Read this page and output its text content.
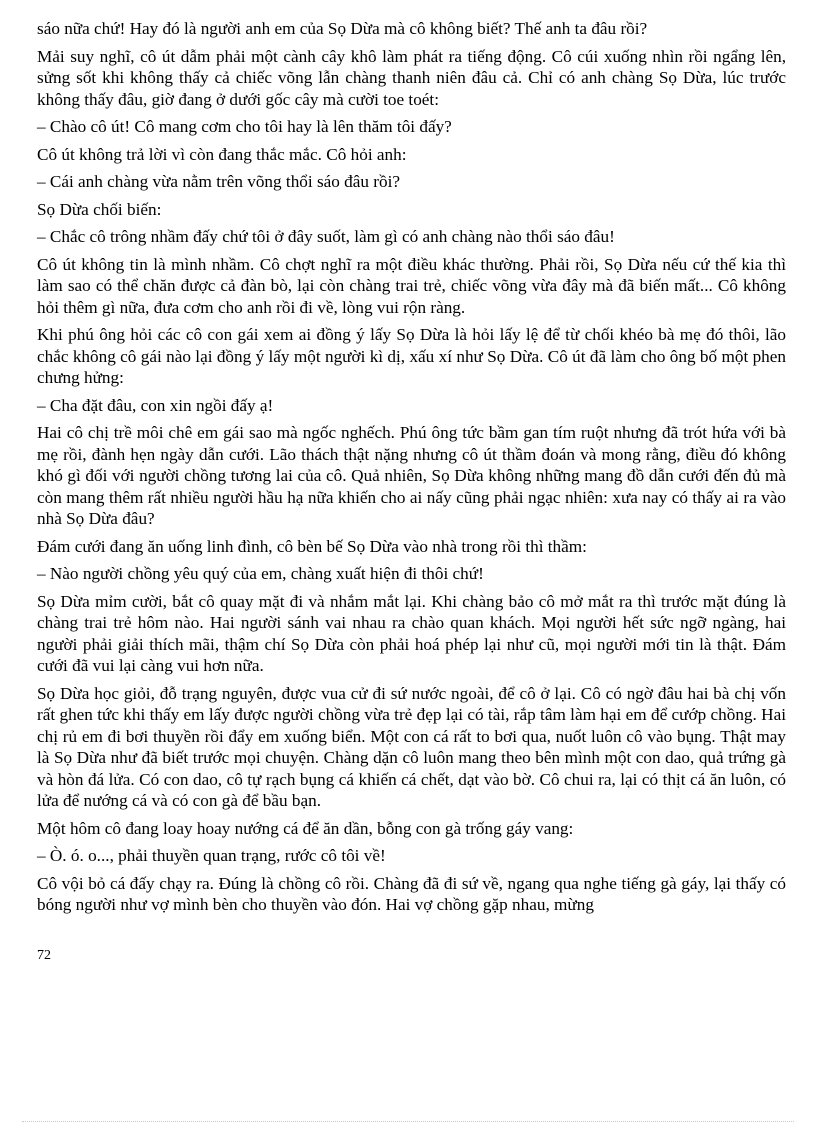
sáo nữa chứ! Hay đó là người anh em của Sọ Dừa mà cô không biết? Thế anh ta đâu rồi?

Mải suy nghĩ, cô út dẫm phải một cành cây khô làm phát ra tiếng động. Cô cúi xuống nhìn rồi ngẩng lên, sửng sốt khi không thấy cả chiếc võng lẫn chàng thanh niên đâu cả. Chỉ có anh chàng Sọ Dừa, lúc trước không thấy đâu, giờ đang ở dưới gốc cây mà cười toe toét:

– Chào cô út! Cô mang cơm cho tôi hay là lên thăm tôi đấy?

Cô út không trả lời vì còn đang thắc mắc. Cô hỏi anh:

– Cái anh chàng vừa nằm trên võng thổi sáo đâu rồi?

Sọ Dừa chối biến:

– Chắc cô trông nhầm đấy chứ tôi ở đây suốt, làm gì có anh chàng nào thổi sáo đâu!

Cô út không tin là mình nhầm. Cô chợt nghĩ ra một điều khác thường. Phải rồi, Sọ Dừa nếu cứ thế kia thì làm sao có thể chăn được cả đàn bò, lại còn chàng trai trẻ, chiếc võng vừa đây mà đã biến mất... Cô không hỏi thêm gì nữa, đưa cơm cho anh rồi đi về, lòng vui rộn ràng.

Khi phú ông hỏi các cô con gái xem ai đồng ý lấy Sọ Dừa là hỏi lấy lệ để từ chối khéo bà mẹ đó thôi, lão chắc không cô gái nào lại đồng ý lấy một người kì dị, xấu xí như Sọ Dừa. Cô út đã làm cho ông bố một phen chưng hửng:

– Cha đặt đâu, con xin ngồi đấy ạ!

Hai cô chị trề môi chê em gái sao mà ngốc nghếch. Phú ông tức bầm gan tím ruột nhưng đã trót hứa với bà mẹ rồi, đành hẹn ngày dẫn cưới. Lão thách thật nặng nhưng cô út thầm đoán và mong rằng, điều đó không khó gì đối với người chồng tương lai của cô. Quả nhiên, Sọ Dừa không những mang đồ dẫn cưới đến đủ mà còn mang thêm rất nhiều người hầu hạ nữa khiến cho ai nấy cũng phải ngạc nhiên: xưa nay có thấy ai ra vào nhà Sọ Dừa đâu?

Đám cưới đang ăn uống linh đình, cô bèn bế Sọ Dừa vào nhà trong rồi thì thầm:

– Nào người chồng yêu quý của em, chàng xuất hiện đi thôi chứ!

Sọ Dừa mỉm cười, bắt cô quay mặt đi và nhắm mắt lại. Khi chàng bảo cô mở mắt ra thì trước mặt đúng là chàng trai trẻ hôm nào. Hai người sánh vai nhau ra chào quan khách. Mọi người hết sức ngỡ ngàng, hai người phải giải thích mãi, thậm chí Sọ Dừa còn phải hoá phép lại như cũ, mọi người mới tin là thật. Đám cưới đã vui lại càng vui hơn nữa.

Sọ Dừa học giỏi, đỗ trạng nguyên, được vua cử đi sứ nước ngoài, để cô ở lại. Cô có ngờ đâu hai bà chị vốn rất ghen tức khi thấy em lấy được người chồng vừa trẻ đẹp lại có tài, rắp tâm làm hại em để cướp chồng. Hai chị rủ em đi bơi thuyền rồi đẩy em xuống biển. Một con cá rất to bơi qua, nuốt luôn cô vào bụng. Thật may là Sọ Dừa như đã biết trước mọi chuyện. Chàng dặn cô luôn mang theo bên mình một con dao, quả trứng gà và hòn đá lửa. Có con dao, cô tự rạch bụng cá khiến cá chết, dạt vào bờ. Cô chui ra, lại có thịt cá ăn luôn, có lửa để nướng cá và có con gà để bầu bạn.

Một hôm cô đang loay hoay nướng cá để ăn dần, bỗng con gà trống gáy vang:

– Ò. ó. o..., phải thuyền quan trạng, rước cô tôi về!

Cô vội bỏ cá đấy chạy ra. Đúng là chồng cô rồi. Chàng đã đi sứ về, ngang qua nghe tiếng gà gáy, lại thấy có bóng người như vợ mình bèn cho thuyền vào đón. Hai vợ chồng gặp nhau, mừng

72
